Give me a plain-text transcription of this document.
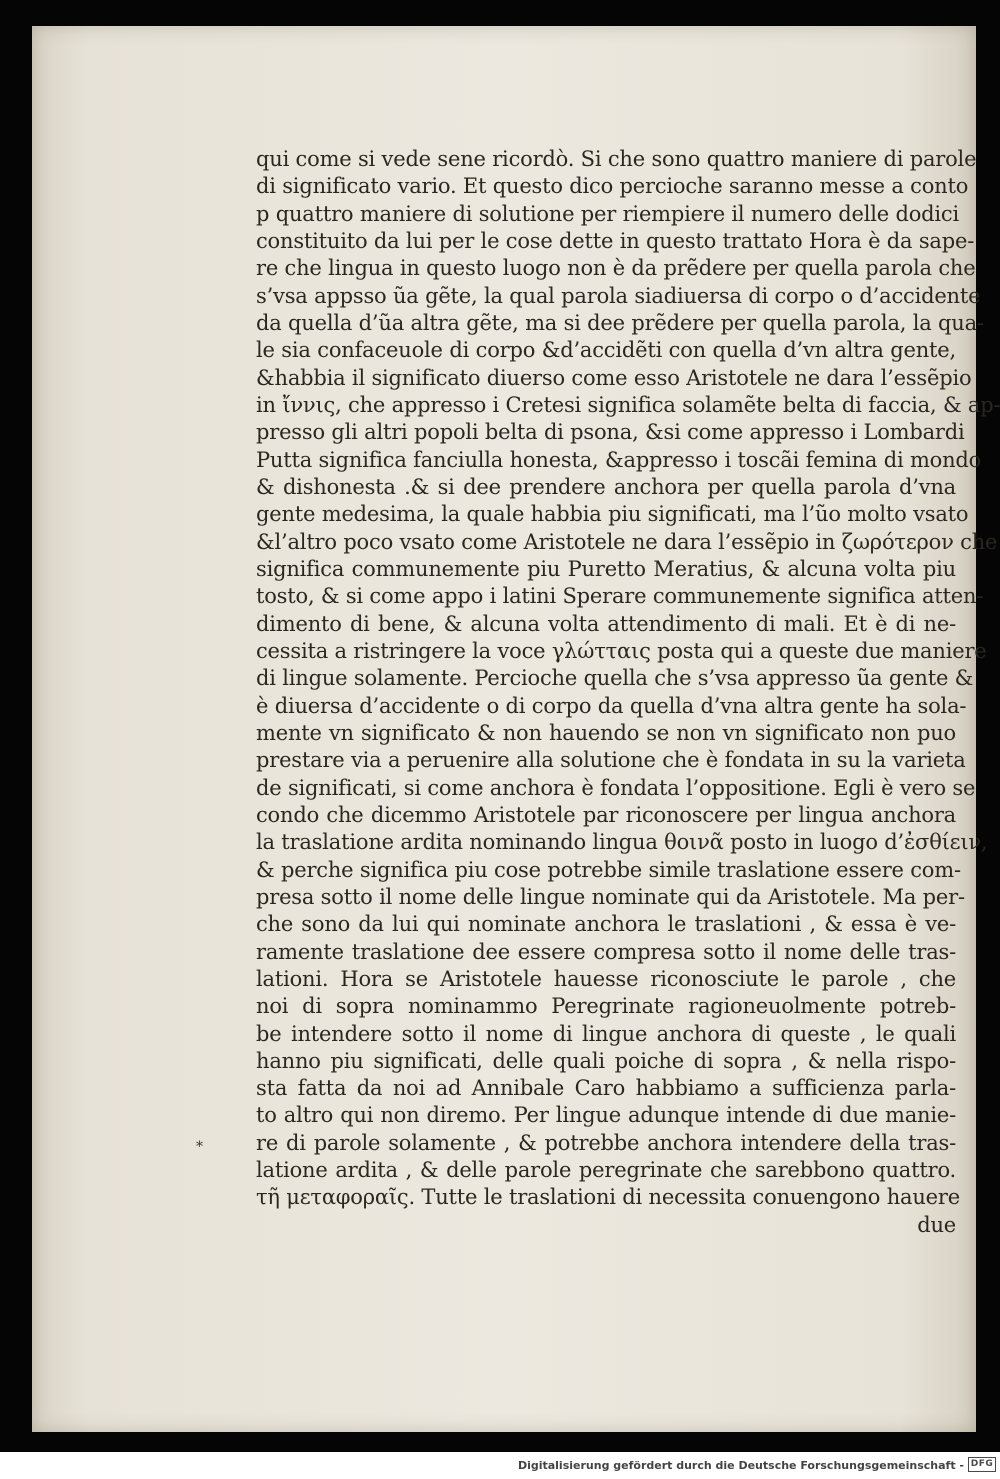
qui come si vede sene ricordò. Si che sono quattro maniere di parole
di significato vario. Et questo dico percioche saranno messe a conto
p quattro maniere di solutione per riempiere il numero delle dodici
constituito da lui per le cose dette in questo trattato Hora è da sape-
re che lingua in questo luogo non è da prẽdere per quella parola che
s’vsa appsso ũa gẽte, la qual parola siadiuersa di corpo o d’accidente
da quella d’ũa altra gẽte, ma si dee prẽdere per quella parola, la qua-
le sia confaceuole di corpo &d’accidẽti con quella d’vn altra gente,
&habbia il significato diuerso come esso Aristotele ne dara l’essẽpio
in ἴννις, che appresso i Cretesi significa solamẽte belta di faccia, & ap-
presso gli altri popoli belta di psona, &si come appresso i Lombardi
Putta significa fanciulla honesta, &appresso i toscãi femina di mondo
& dishonesta .& si dee prendere anchora per quella parola d’vna
gente medesima, la quale habbia piu significati, ma l’ũo molto vsato
&l’altro poco vsato come Aristotele ne dara l’essẽpio in ζωρότερον che
significa communemente piu Puretto Meratius, & alcuna volta piu
tosto, & si come appo i latini Sperare communemente significa atten-
dimento di bene, & alcuna volta attendimento di mali. Et è di ne-
cessita a ristringere la voce γλώτταις posta qui a queste due maniere
di lingue solamente. Percioche quella che s’vsa appresso ũa gente &
è diuersa d’accidente o di corpo da quella d’vna altra gente ha sola-
mente vn significato & non hauendo se non vn significato non puo
prestare via a peruenire alla solutione che è fondata in su la varieta
de significati, si come anchora è fondata l’oppositione. Egli è vero se
condo che dicemmo Aristotele par riconoscere per lingua anchora
la traslatione ardita nominando lingua θοινᾶ posto in luogo d’ἐσθίειν,
& perche significa piu cose potrebbe simile traslatione essere com-
presa sotto il nome delle lingue nominate qui da Aristotele. Ma per-
che sono da lui qui nominate anchora le traslationi , & essa è ve-
ramente traslatione dee essere compresa sotto il nome delle tras-
lationi. Hora se Aristotele hauesse riconosciute le parole , che
noi di sopra nominammo Peregrinate ragioneuolmente potreb-
be intendere sotto il nome di lingue anchora di queste , le quali
hanno piu significati, delle quali poiche di sopra , & nella rispo-
sta fatta da noi ad Annibale Caro habbiamo a sufficienza parla-
to altro qui non diremo. Per lingue adunque intende di due manie-
re di parole solamente , & potrebbe anchora intendere della tras-
latione ardita , & delle parole peregrinate che sarebbono quattro.
τῆ μεταφοραῖς. Tutte le traslationi di necessita conuengono hauere
due
*
Digitalisierung gefördert durch die Deutsche Forschungsgemeinschaft - DFG
